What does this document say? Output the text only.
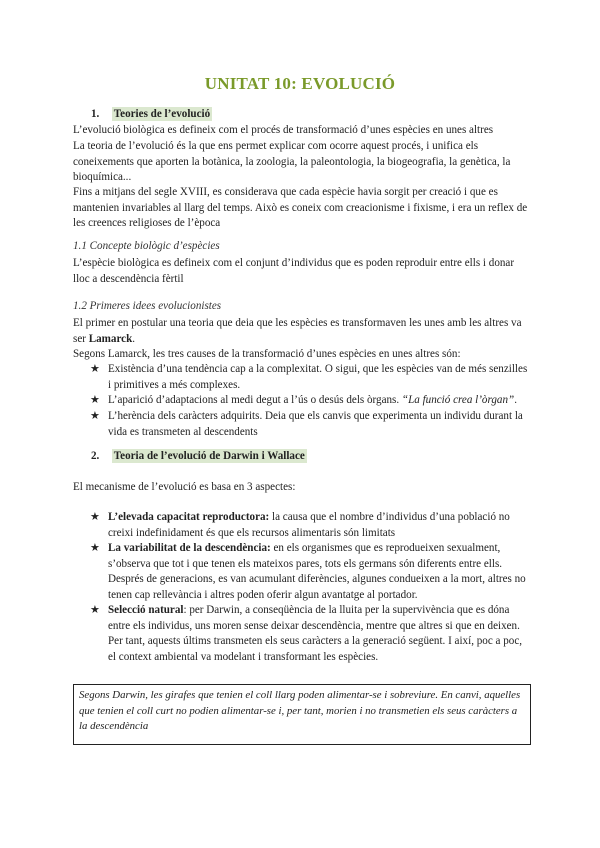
UNITAT 10: EVOLUCIÓ
1. Teories de l’evolució

L’evolució biològica es defineix com el procés de transformació d’unes espècies en unes altres

La teoria de l’evolució és la que ens permet explicar com ocorre aquest procés, i unifica els coneixements que aporten la botànica, la zoologia, la paleontologia, la biogeografia, la genètica, la bioquímica...

Fins a mitjans del segle XVIII, es considerava que cada espècie havia sorgit per creació i que es mantenien invariables al llarg del temps. Això es coneix com creacionisme i fixisme, i era un reflex de les creences religioses de l’època

1.1 Concepte biològic d’espècies

L’espècie biològica es defineix com el conjunt d’individus que es poden reproduir entre ells i donar lloc a descendència fèrtil

1.2 Primeres idees evolucionistes

El primer en postular una teoria que deia que les espècies es transformaven les unes amb les altres va ser Lamarck.

Segons Lamarck, les tres causes de la transformació d’unes espècies en unes altres són:

★ Existència d’una tendència cap a la complexitat. O sigui, que les espècies van de més senzilles i primitives a més complexes.
★ L’aparició d’adaptacions al medi degut a l’ús o desús dels òrgans. “La funció crea l’òrgan”.
★ L’herència dels caràcters adquirits. Deia que els canvis que experimenta un individu durant la vida es transmeten al descendents
2. Teoria de l’evolució de Darwin i Wallace

El mecanisme de l’evolució es basa en 3 aspectes:

★ L’elevada capacitat reproductora: la causa que el nombre d’individus d’una població no creixi indefinidament és que els recursos alimentaris són limitats
★ La variabilitat de la descendència: en els organismes que es reprodueixen sexualment, s’observa que tot i que tenen els mateixos pares, tots els germans són diferents entre ells. Després de generacions, es van acumulant diferències, algunes condueixen a la mort, altres no tenen cap rellevància i altres poden oferir algun avantatge al portador.
★ Selecció natural: per Darwin, a conseqüència de la lluita per la supervivència que es dóna entre els individus, uns moren sense deixar descendència, mentre que altres si que en deixen. Per tant, aquests últims transmeten els seus caràcters a la generació següent. I així, poc a poc, el context ambiental va modelant i transformant les espècies.
Segons Darwin, les girafes que tenien el coll llarg poden alimentar-se i sobreviure. En canvi, aquelles que tenien el coll curt no podien alimentar-se i, per tant, morien i no transmetien els seus caràcters a la descendència
